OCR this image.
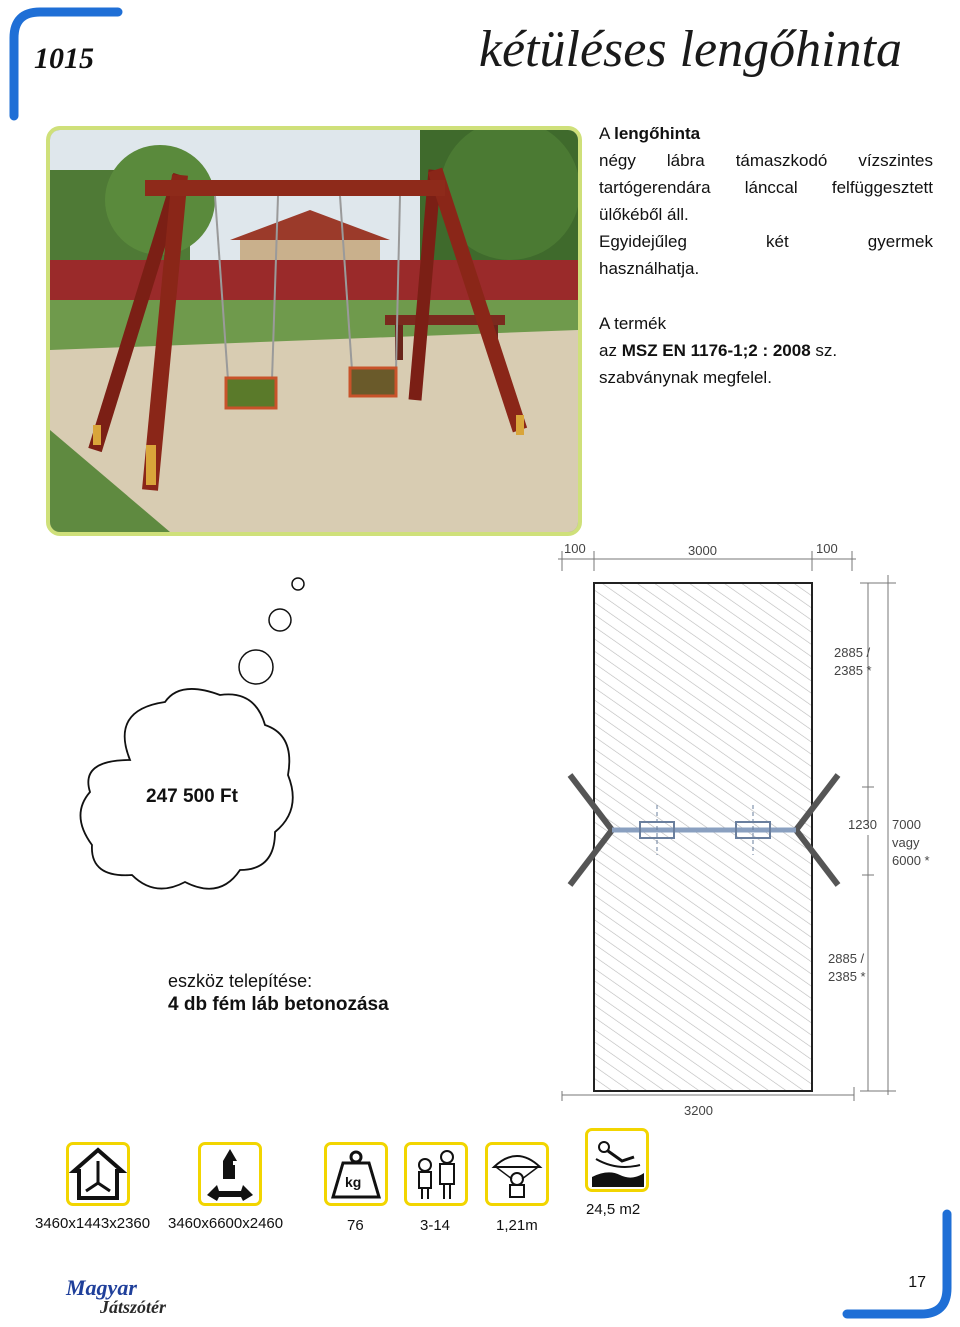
1015	kétüléses lengőhinta

A lengőhinta

négy lábra támaszkodó vízszintes

tartógerendára lánccal felfüggesztett

ülőkéből áll.

Egyidejűleg két gyermek

használhatja.

A termék

az MSZ EN 1176-1;2 : 2008 sz.

szabványnak megfelel.

247 500 Ft
eszköz telepítése:
4 db fém láb betonozása
100	3000	100
2885 /
2385 *
1230 7000
vagy
6000 *
2885 /
2385 *
3200
kg
3460x1443x2360 3460x6600x2460	76	3-14	1,21m
24,5 m2
Magyar
Játszótér
17
